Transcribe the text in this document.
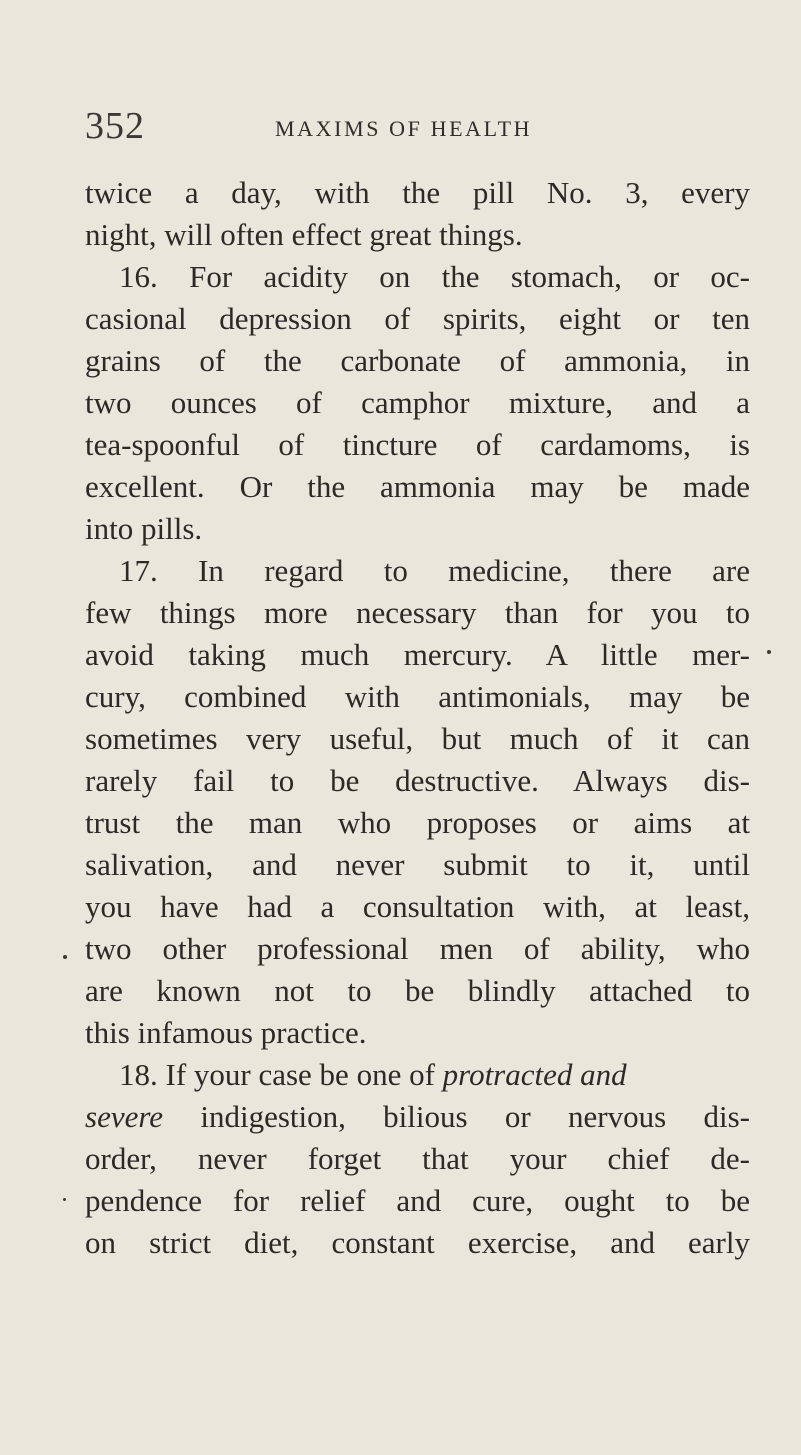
352	MAXIMS OF HEALTH
twice a day, with the pill No. 3, every
night, will often effect great things.
16. For acidity on the stomach, or oc-
casional depression of spirits, eight or ten
grains of the carbonate of ammonia, in
two ounces of camphor mixture, and a
tea-spoonful of tincture of cardamoms, is
excellent. Or the ammonia may be made
into pills.
17. In regard to medicine, there are
few things more necessary than for you to
avoid taking much mercury. A little mer-
cury, combined with antimonials, may be
sometimes very useful, but much of it can
rarely fail to be destructive. Always dis-
trust the man who proposes or aims at
salivation, and never submit to it, until
you have had a consultation with, at least,
two other professional men of ability, who
are known not to be blindly attached to
this infamous practice.
18. If your case be one of protracted and
severe indigestion, bilious or nervous dis-
order, never forget that your chief de-
pendence for relief and cure, ought to be
on strict diet, constant exercise, and early
